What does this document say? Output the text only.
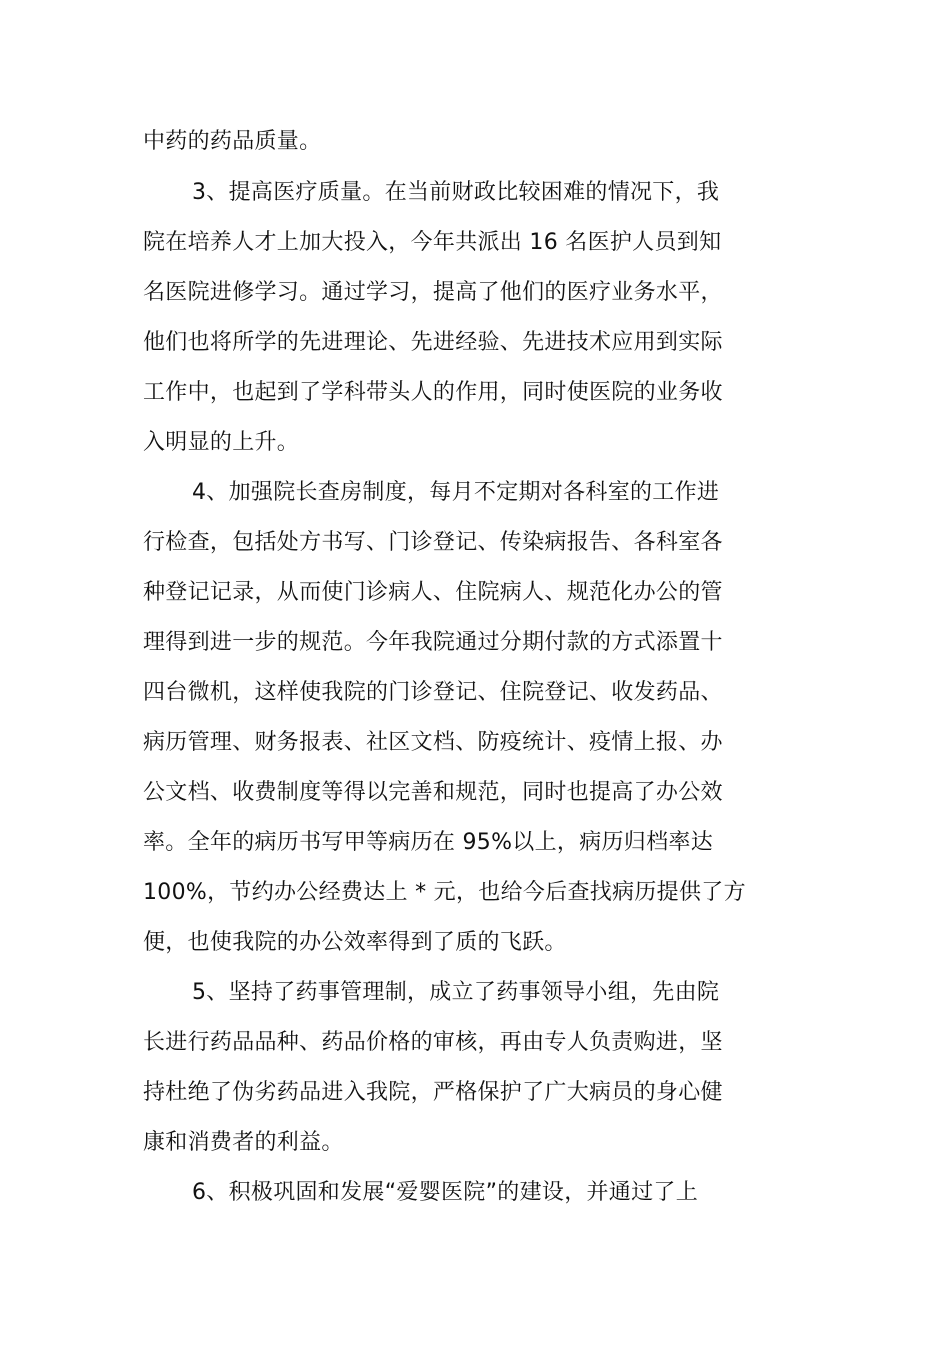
中药的药品质量。
3、提高医疗质量。在当前财政比较困难的情况下，我
院在培养人才上加大投入，今年共派出 16 名医护人员到知
名医院进修学习。通过学习，提高了他们的医疗业务水平，
他们也将所学的先进理论、先进经验、先进技术应用到实际
工作中，也起到了学科带头人的作用，同时使医院的业务收
入明显的上升。
4、加强院长查房制度，每月不定期对各科室的工作进
行检查，包括处方书写、门诊登记、传染病报告、各科室各
种登记记录，从而使门诊病人、住院病人、规范化办公的管
理得到进一步的规范。今年我院通过分期付款的方式添置十
四台微机，这样使我院的门诊登记、住院登记、收发药品、
病历管理、财务报表、社区文档、防疫统计、疫情上报、办
公文档、收费制度等得以完善和规范，同时也提高了办公效
率。全年的病历书写甲等病历在 95%以上，病历归档率达
100%，节约办公经费达上 * 元，也给今后查找病历提供了方
便，也使我院的办公效率得到了质的飞跃。
5、坚持了药事管理制，成立了药事领导小组，先由院
长进行药品品种、药品价格的审核，再由专人负责购进，坚
持杜绝了伪劣药品进入我院，严格保护了广大病员的身心健
康和消费者的利益。
6、积极巩固和发展“爱婴医院”的建设，并通过了上
